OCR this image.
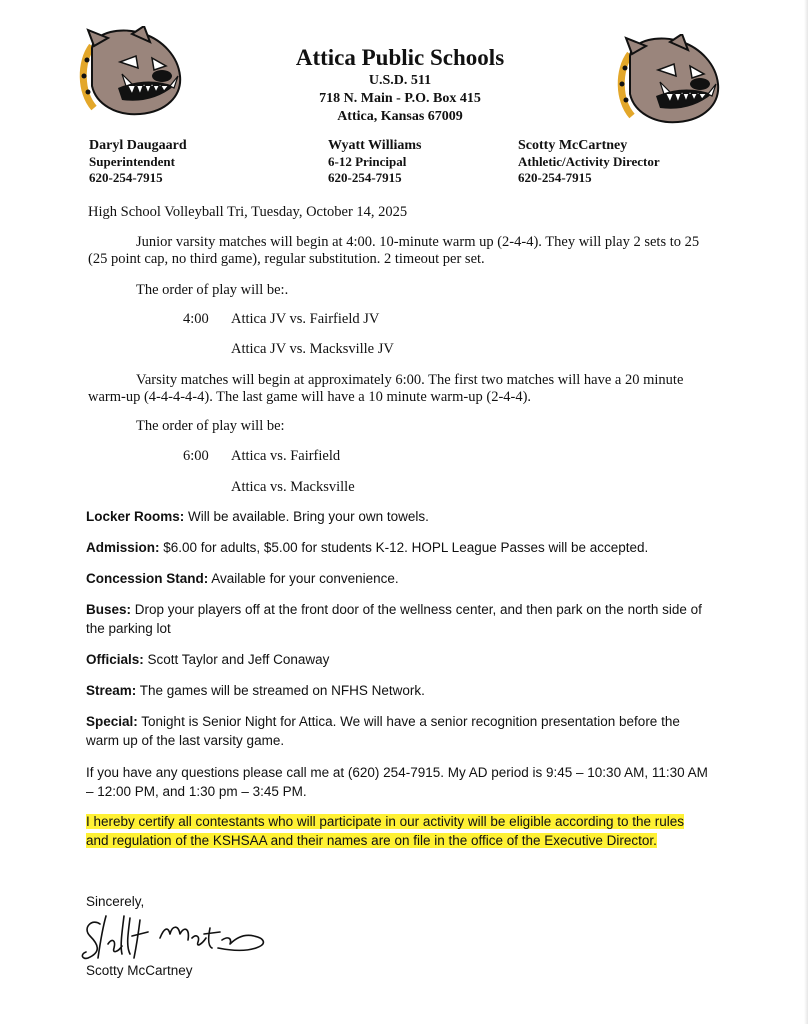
Attica Public Schools
U.S.D. 511
718 N. Main - P.O. Box 415
Attica, Kansas 67009
Daryl Daugaard
Superintendent
620-254-7915
Wyatt Williams
6-12 Principal
620-254-7915
Scotty McCartney
Athletic/Activity Director
620-254-7915
High School Volleyball Tri, Tuesday, October 14, 2025
Junior varsity matches will begin at 4:00. 10-minute warm up (2-4-4). They will play 2 sets to 25
(25 point cap, no third game), regular substitution. 2 timeout per set.
The order of play will be:.
4:00 Attica JV vs. Fairfield JV
Attica JV vs. Macksville JV
Varsity matches will begin at approximately 6:00. The first two matches will have a 20 minute
warm-up (4-4-4-4-4). The last game will have a 10 minute warm-up (2-4-4).
The order of play will be:
6:00 Attica vs. Fairfield
Attica vs. Macksville
Locker Rooms: Will be available. Bring your own towels.
Admission: $6.00 for adults, $5.00 for students K-12. HOPL League Passes will be accepted.
Concession Stand: Available for your convenience.
Buses: Drop your players off at the front door of the wellness center, and then park on the north side of
the parking lot
Officials: Scott Taylor and Jeff Conaway
Stream: The games will be streamed on NFHS Network.
Special: Tonight is Senior Night for Attica. We will have a senior recognition presentation before the
warm up of the last varsity game.
If you have any questions please call me at (620) 254-7915. My AD period is 9:45 – 10:30 AM, 11:30 AM
– 12:00 PM, and 1:30 pm – 3:45 PM.
I hereby certify all contestants who will participate in our activity will be eligible according to the rules
and regulation of the KSHSAA and their names are on file in the office of the Executive Director.
Sincerely,
Scotty McCartney
